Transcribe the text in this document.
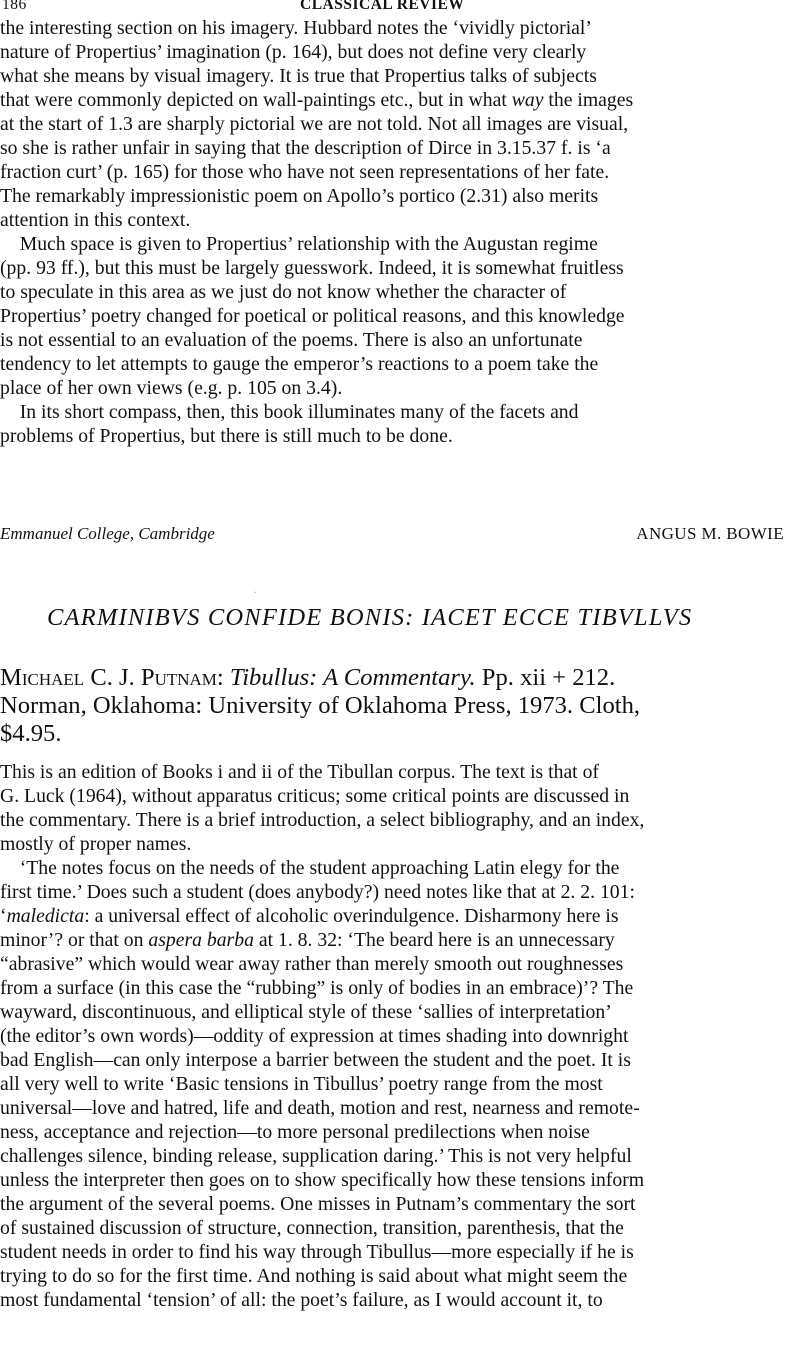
186	CLASSICAL REVIEW

the interesting section on his imagery. Hubbard notes the ‘vividly pictorial’

nature of Propertius’ imagination (p. 164), but does not define very clearly

what she means by visual imagery. It is true that Propertius talks of subjects

that were commonly depicted on wall-paintings etc., but in what way the images

at the start of 1.3 are sharply pictorial we are not told. Not all images are visual,

so she is rather unfair in saying that the description of Dirce in 3.15.37 f. is ‘a

fraction curt’ (p. 165) for those who have not seen representations of her fate.

The remarkably impressionistic poem on Apollo’s portico (2.31) also merits

attention in this context.

Much space is given to Propertius’ relationship with the Augustan regime

(pp. 93 ff.), but this must be largely guesswork. Indeed, it is somewhat fruitless

to speculate in this area as we just do not know whether the character of

Propertius’ poetry changed for poetical or political reasons, and this knowledge

is not essential to an evaluation of the poems. There is also an unfortunate

tendency to let attempts to gauge the emperor’s reactions to a poem take the

place of her own views (e.g. p. 105 on 3.4).

In its short compass, then, this book illuminates many of the facets and

problems of Propertius, but there is still much to be done.

Emmanuel College, Cambridge	ANGUS M. BOWIE
·
CARMINIBVS CONFIDE BONIS: IACET ECCE TIBVLLVS

Michael C. J. Putnam: Tibullus: A Commentary. Pp. xii + 212.

Norman, Oklahoma: University of Oklahoma Press, 1973. Cloth,

$4.95.

This is an edition of Books i and ii of the Tibullan corpus. The text is that of

G. Luck (1964), without apparatus criticus; some critical points are discussed in

the commentary. There is a brief introduction, a select bibliography, and an index,

mostly of proper names.

‘The notes focus on the needs of the student approaching Latin elegy for the

first time.’ Does such a student (does anybody?) need notes like that at 2. 2. 101:

‘maledicta: a universal effect of alcoholic overindulgence. Disharmony here is

minor’? or that on aspera barba at 1. 8. 32: ‘The beard here is an unnecessary

“abrasive” which would wear away rather than merely smooth out roughnesses

from a surface (in this case the “rubbing” is only of bodies in an embrace)’? The

wayward, discontinuous, and elliptical style of these ‘sallies of interpretation’

(the editor’s own words)—oddity of expression at times shading into downright

bad English—can only interpose a barrier between the student and the poet. It is

all very well to write ‘Basic tensions in Tibullus’ poetry range from the most

universal—love and hatred, life and death, motion and rest, nearness and remote-

ness, acceptance and rejection—to more personal predilections when noise

challenges silence, binding release, supplication daring.’ This is not very helpful

unless the interpreter then goes on to show specifically how these tensions inform

the argument of the several poems. One misses in Putnam’s commentary the sort

of sustained discussion of structure, connection, transition, parenthesis, that the

student needs in order to find his way through Tibullus—more especially if he is

trying to do so for the first time. And nothing is said about what might seem the

most fundamental ‘tension’ of all: the poet’s failure, as I would account it, to
